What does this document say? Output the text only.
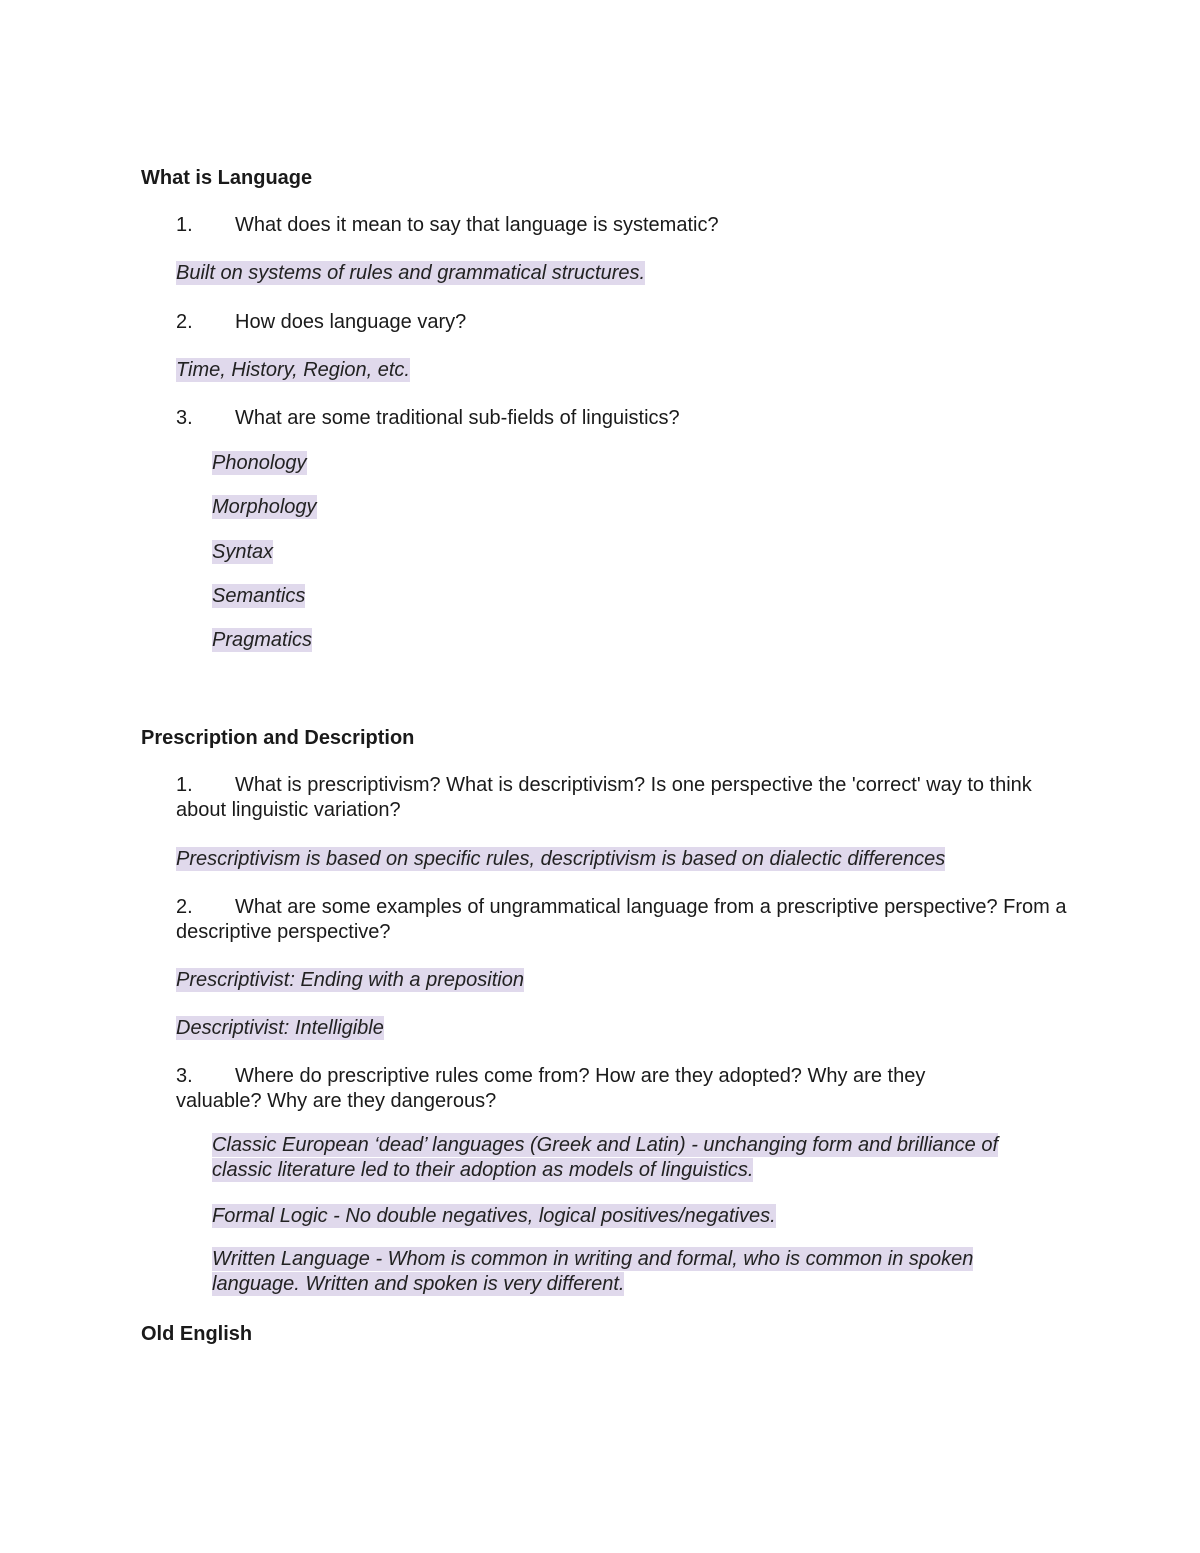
What is Language
1. What does it mean to say that language is systematic?
Built on systems of rules and grammatical structures.
2. How does language vary?
Time, History, Region, etc.
3. What are some traditional sub-fields of linguistics?
Phonology
Morphology
Syntax
Semantics
Pragmatics
Prescription and Description
1. What is prescriptivism? What is descriptivism? Is one perspective the 'correct' way to think about linguistic variation?
Prescriptivism is based on specific rules, descriptivism is based on dialectic differences
2. What are some examples of ungrammatical language from a prescriptive perspective? From a descriptive perspective?
Prescriptivist: Ending with a preposition
Descriptivist: Intelligible
3. Where do prescriptive rules come from? How are they adopted? Why are they valuable? Why are they dangerous?
Classic European ‘dead’ languages (Greek and Latin) - unchanging form and brilliance of classic literature led to their adoption as models of linguistics.
Formal Logic - No double negatives, logical positives/negatives.
Written Language - Whom is common in writing and formal, who is common in spoken language. Written and spoken is very different.
Old English
